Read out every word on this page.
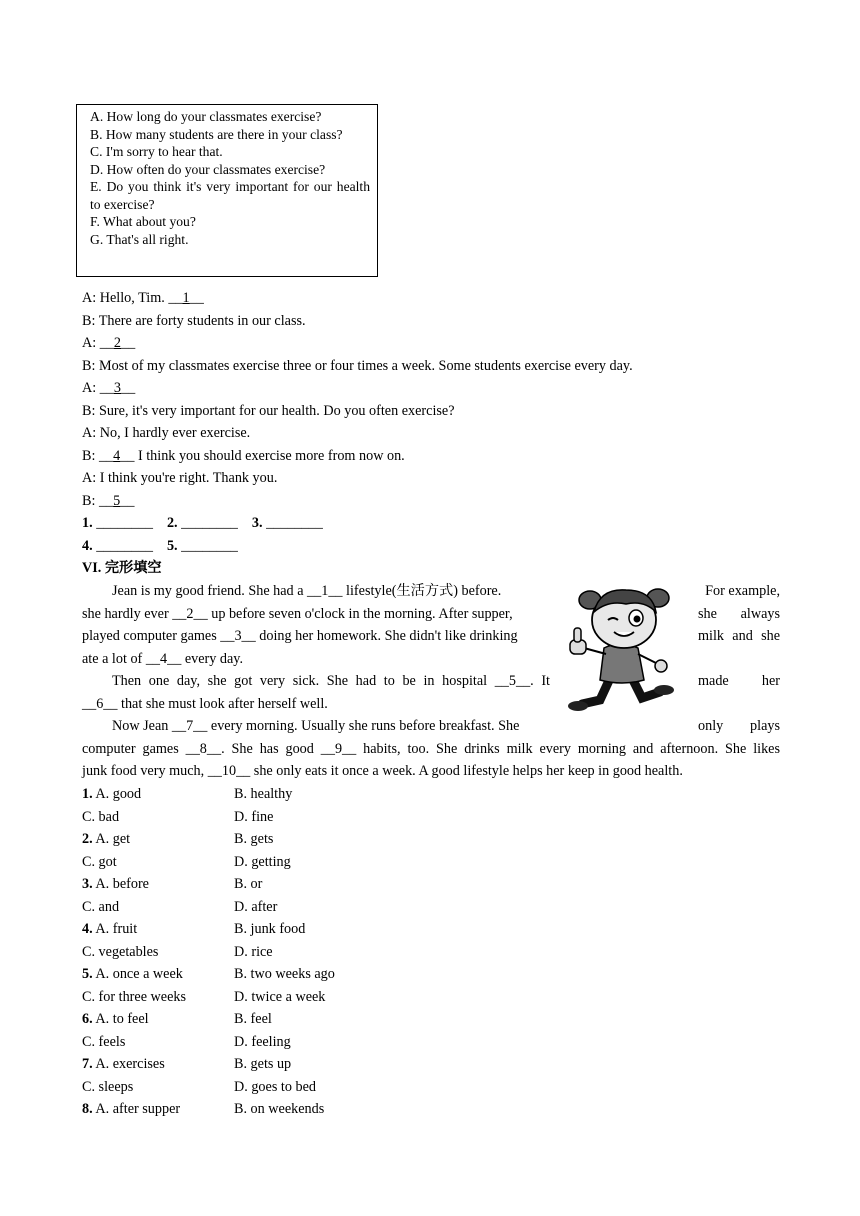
A. How long do your classmates exercise?
B. How many students are there in your class?
C. I'm sorry to hear that.
D. How often do your classmates exercise?
E. Do you think it's very important for our health to exercise?
F. What about you?
G. That's all right.
A: Hello, Tim. __1__
B: There are forty students in our class.
A: __2__
B: Most of my classmates exercise three or four times a week. Some students exercise every day.
A: __3__
B: Sure, it's very important for our health. Do you often exercise?
A: No, I hardly ever exercise.
B: __4__ I think you should exercise more from now on.
A: I think you're right. Thank you.
B: __5__
1. ________ 2. ________ 3. ________
4. ________ 5. ________
VI. 完形填空
Jean is my good friend. She had a __1__ lifestyle(生活方式) before.	For example,
she hardly ever __2__ up before seven o'clock in the morning. After supper,	she always
played computer games __3__ doing her homework. She didn't like drinking	milk and she
ate a lot of __4__ every day.
Then one day, she got very sick. She had to be in hospital __5__. It	made her
__6__ that she must look after herself well.
Now Jean __7__ every morning. Usually she runs before breakfast. She	only plays
computer games __8__. She has good __9__ habits, too. She drinks milk every morning and afternoon. She likes
junk food very much, __10__ she only eats it once a week. A good lifestyle helps her keep in good health.
1. A. good	B. healthy
C. bad	D. fine
2. A. get	B. gets
C. got	D. getting
3. A. before	B. or
C. and	D. after
4. A. fruit	B. junk food
C. vegetables	D. rice
5. A. once a week	B. two weeks ago
C. for three weeks	D. twice a week
6. A. to feel	B. feel
C. feels	D. feeling
7. A. exercises	B. gets up
C. sleeps	D. goes to bed
8. A. after supper	B. on weekends
